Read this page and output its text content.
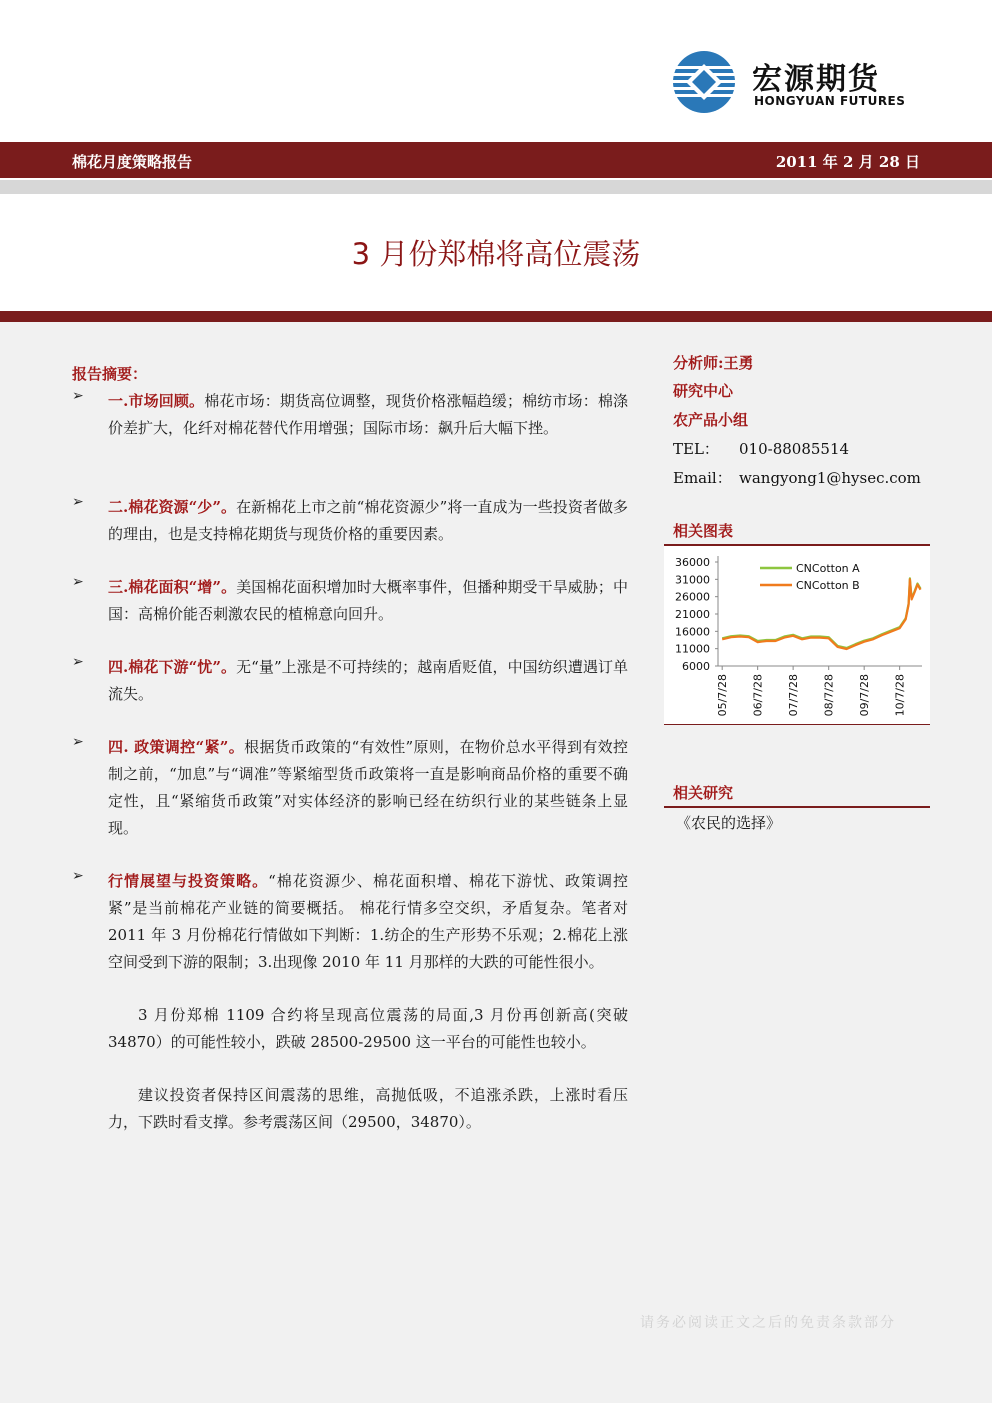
宏源期货
HONGYUAN FUTURES
棉花月度策略报告	2011 年 2 月 28 日
3 月份郑棉将高位震荡
报告摘要：
➢ 一.市场回顾。棉花市场：期货高位调整，现货价格涨幅趋缓；棉纺市场：棉涤价差扩大，化纤对棉花替代作用增强；国际市场：飙升后大幅下挫。
➢ 二.棉花资源“少”。在新棉花上市之前“棉花资源少”将一直成为一些投资者做多的理由，也是支持棉花期货与现货价格的重要因素。
➢ 三.棉花面积“增”。美国棉花面积增加时大概率事件，但播种期受干旱威胁；中国：高棉价能否刺激农民的植棉意向回升。
➢ 四.棉花下游“忧”。无“量”上涨是不可持续的；越南盾贬值，中国纺织遭遇订单流失。
➢ 四. 政策调控“紧”。根据货币政策的“有效性”原则，在物价总水平得到有效控制之前，“加息”与“调准”等紧缩型货币政策将一直是影响商品价格的重要不确定性，且“紧缩货币政策”对实体经济的影响已经在纺织行业的某些链条上显现。
➢ 行情展望与投资策略。“棉花资源少、棉花面积增、棉花下游忧、政策调控紧”是当前棉花产业链的简要概括。 棉花行情多空交织，矛盾复杂。笔者对 2011 年 3 月份棉花行情做如下判断：1.纺企的生产形势不乐观；2.棉花上涨空间受到下游的限制；3.出现像 2010 年 11 月那样的大跌的可能性很小。
3 月份郑棉 1109 合约将呈现高位震荡的局面,3 月份再创新高(突破 34870）的可能性较小，跌破 28500-29500 这一平台的可能性也较小。
建议投资者保持区间震荡的思维，高抛低吸，不追涨杀跌，上涨时看压力，下跌时看支撑。参考震荡区间（29500，34870）。
分析师:王勇
研究中心
农产品小组
TEL： 010-88085514
Email： wangyong1@hysec.com
相关图表
36000
31000
26000
21000
16000
11000
6000
05/7/28 06/7/28 07/7/28 08/7/28 09/7/28 10/7/28
CNCotton A
CNCotton B
相关研究
《农民的选择》
请务必阅读正文之后的免责条款部分
